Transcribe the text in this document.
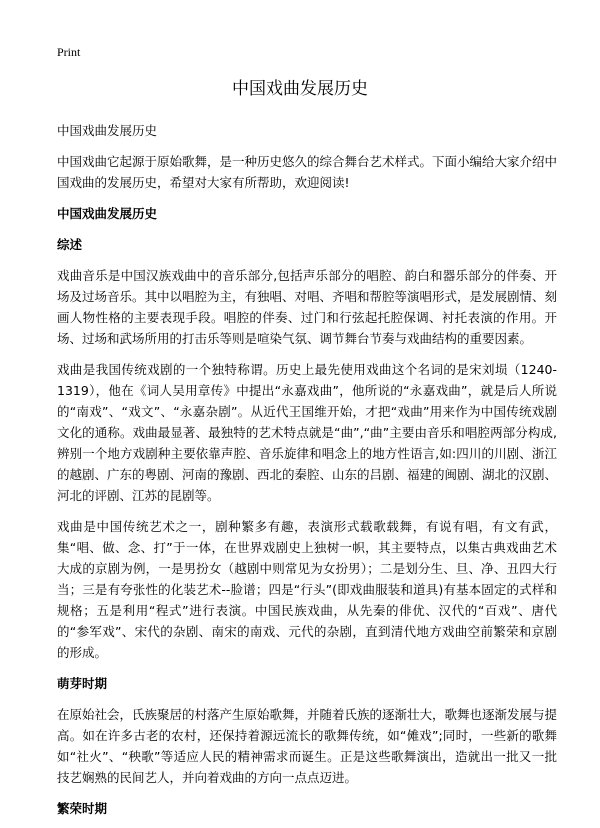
Print
中国戏曲发展历史

中国戏曲发展历史

中国戏曲它起源于原始歌舞，是一种历史悠久的综合舞台艺术样式。下面小编给大家介绍中国戏曲的发展历史，希望对大家有所帮助，欢迎阅读!

中国戏曲发展历史
综述

戏曲音乐是中国汉族戏曲中的音乐部分,包括声乐部分的唱腔、韵白和器乐部分的伴奏、开场及过场音乐。其中以唱腔为主，有独唱、对唱、齐唱和帮腔等演唱形式，是发展剧情、刻画人物性格的主要表现手段。唱腔的伴奏、过门和行弦起托腔保调、衬托表演的作用。开场、过场和武场所用的打击乐等则是喧染气氛、调节舞台节奏与戏曲结构的重要因素。

戏曲是我国传统戏剧的一个独特称谓。历史上最先使用戏曲这个名词的是宋刘埙（1240-1319），他在《词人吴用章传》中提出“永嘉戏曲”，他所说的“永嘉戏曲”，就是后人所说的“南戏”、“戏文”、“永嘉杂剧”。从近代王国维开始，才把“戏曲”用来作为中国传统戏剧文化的通称。戏曲最显著、最独特的艺术特点就是“曲”,“曲”主要由音乐和唱腔两部分构成,辨别一个地方戏剧种主要依靠声腔、音乐旋律和唱念上的地方性语言,如:四川的川剧、浙江的越剧、广东的粤剧、河南的豫剧、西北的秦腔、山东的吕剧、福建的闽剧、湖北的汉剧、河北的评剧、江苏的昆剧等。

戏曲是中国传统艺术之一，剧种繁多有趣，表演形式载歌载舞，有说有唱，有文有武，集“唱、做、念、打”于一体，在世界戏剧史上独树一帜，其主要特点，以集古典戏曲艺术大成的京剧为例，一是男扮女（越剧中则常见为女扮男）；二是划分生、旦、净、丑四大行当；三是有夸张性的化装艺术--脸谱；四是“行头”(即戏曲服装和道具)有基本固定的式样和规格；五是利用“程式”进行表演。中国民族戏曲，从先秦的俳优、汉代的“百戏”、唐代的“参军戏”、宋代的杂剧、南宋的南戏、元代的杂剧，直到清代地方戏曲空前繁荣和京剧的形成。

萌芽时期

在原始社会，氏族聚居的村落产生原始歌舞，并随着氏族的逐渐壮大，歌舞也逐渐发展与提高。如在许多古老的农村，还保持着源远流长的歌舞传统，如“傩戏”;同时，一些新的歌舞如“社火”、“秧歌”等适应人民的精神需求而诞生。正是这些歌舞演出，造就出一批又一批技艺娴熟的民间艺人，并向着戏曲的方向一点点迈进。

繁荣时期
